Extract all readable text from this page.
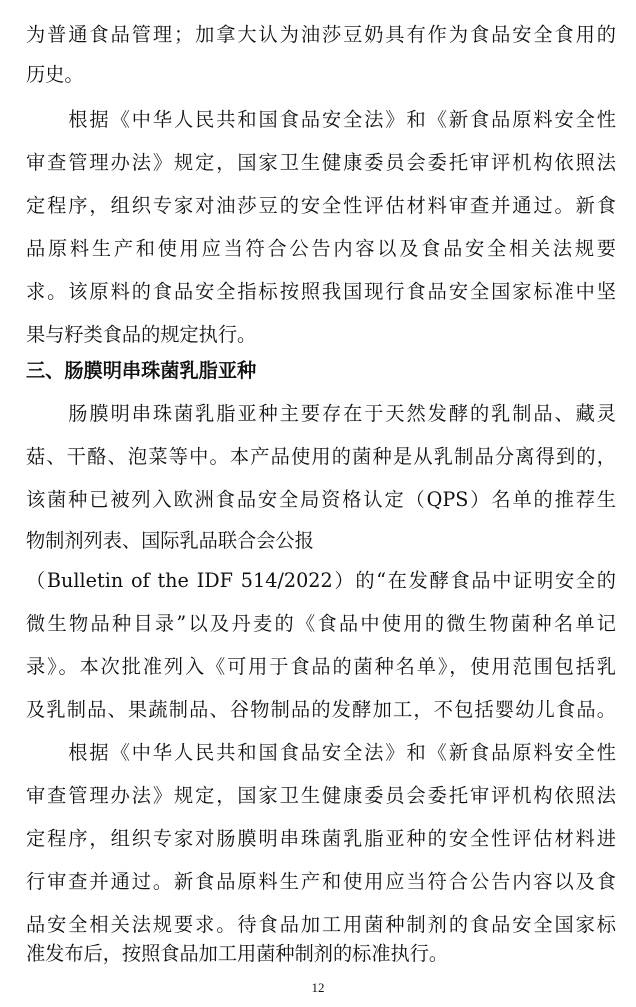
为普通食品管理；加拿大认为油莎豆奶具有作为食品安全食用的
历史。
　　根据《中华人民共和国食品安全法》和《新食品原料安全性
审查管理办法》规定，国家卫生健康委员会委托审评机构依照法
定程序，组织专家对油莎豆的安全性评估材料审查并通过。新食
品原料生产和使用应当符合公告内容以及食品安全相关法规要
求。该原料的食品安全指标按照我国现行食品安全国家标准中坚
果与籽类食品的规定执行。
三、肠膜明串珠菌乳脂亚种
　　肠膜明串珠菌乳脂亚种主要存在于天然发酵的乳制品、藏灵
菇、干酪、泡菜等中。本产品使用的菌种是从乳制品分离得到的，
该菌种已被列入欧洲食品安全局资格认定（QPS）名单的推荐生
物制剂列表、国际乳品联合会公报
（Bulletin of the IDF 514/2022）的“在发酵食品中证明安全的
微生物品种目录”以及丹麦的《食品中使用的微生物菌种名单记
录》。本次批准列入《可用于食品的菌种名单》，使用范围包括乳
及乳制品、果蔬制品、谷物制品的发酵加工，不包括婴幼儿食品。
　　根据《中华人民共和国食品安全法》和《新食品原料安全性
审查管理办法》规定，国家卫生健康委员会委托审评机构依照法
定程序，组织专家对肠膜明串珠菌乳脂亚种的安全性评估材料进
行审查并通过。新食品原料生产和使用应当符合公告内容以及食
品安全相关法规要求。待食品加工用菌种制剂的食品安全国家标
准发布后，按照食品加工用菌种制剂的标准执行。
12
